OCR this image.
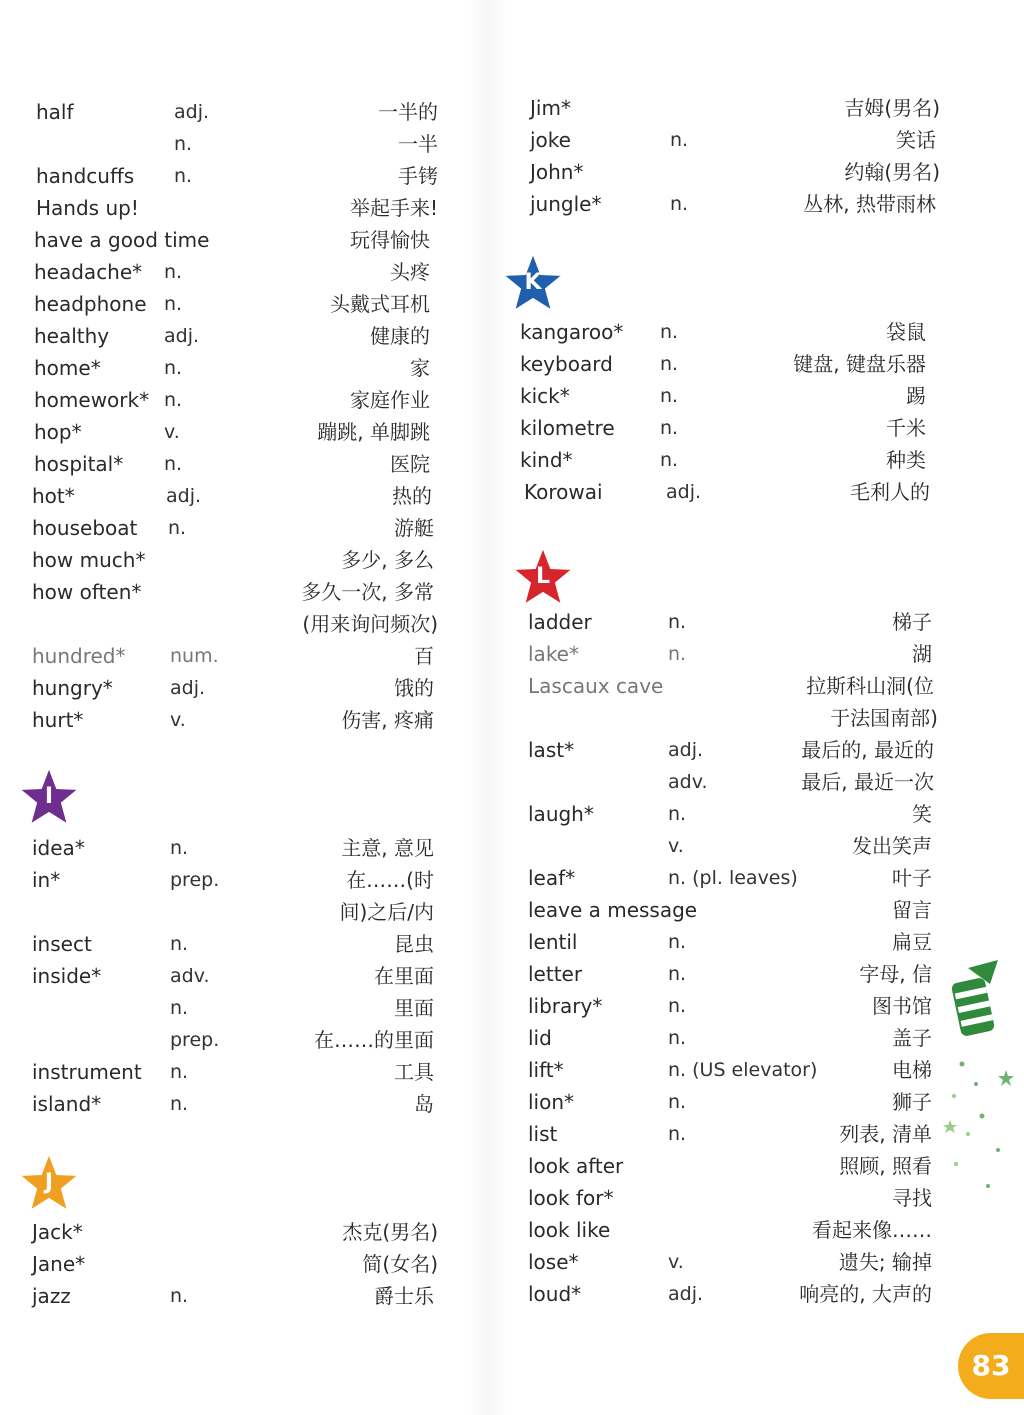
half	adj.	一半的
n.	一半
handcuffs n.	手铐
Hands up!	举起手来!
have a good time	玩得愉快
headache* n.	头疼
headphone n.	头戴式耳机
healthy	adj.	健康的
home*	n.	家
homework* n.	家庭作业
hop*	v.	蹦跳, 单脚跳
hospital* n.	医院
hot*	adj.	热的
houseboat n.	游艇
how much*	多少, 多么
how often*	多久一次, 多常
(用来询问频次)
hundred* num.	百
hungry*	adj.	饿的
hurt*	v.	伤害, 疼痛
idea*	n.	主意, 意见
in*	prep.	在……(时
间)之后/内
insect	n.	昆虫
inside*	adv.	在里面
n.	里面
prep.	在……的里面
instrument n.	工具
island*	n.	岛
Jack*	杰克(男名)
Jane*	简(女名)
jazz	n.	爵士乐
Jim*	吉姆(男名)
joke	n.	笑话
John*	约翰(男名)
jungle*	n.	丛林, 热带雨林
kangaroo* n.	袋鼠
keyboard n.	键盘, 键盘乐器
kick*	n.	踢
kilometre n.	千米
kind*	n.	种类
Korowai	adj.	毛利人的
ladder	n.	梯子
lake*	n.	湖
Lascaux cave	拉斯科山洞(位
于法国南部)
last*	adj.	最后的, 最近的
adv.	最后, 最近一次
laugh*	n.	笑
v.	发出笑声
leaf*	n. (pl. leaves)	叶子
leave a message	留言
lentil	n.	扁豆
letter	n.	字母, 信
library*	n.	图书馆
lid	n.	盖子
lift*	n. (US elevator)	电梯
lion*	n.	狮子
list	n.	列表, 清单
look after	照顾, 照看
look for*	寻找
look like	看起来像……
lose*	v.	遗失; 输掉
loud*	adj.	响亮的, 大声的
I
J
K
L
83
